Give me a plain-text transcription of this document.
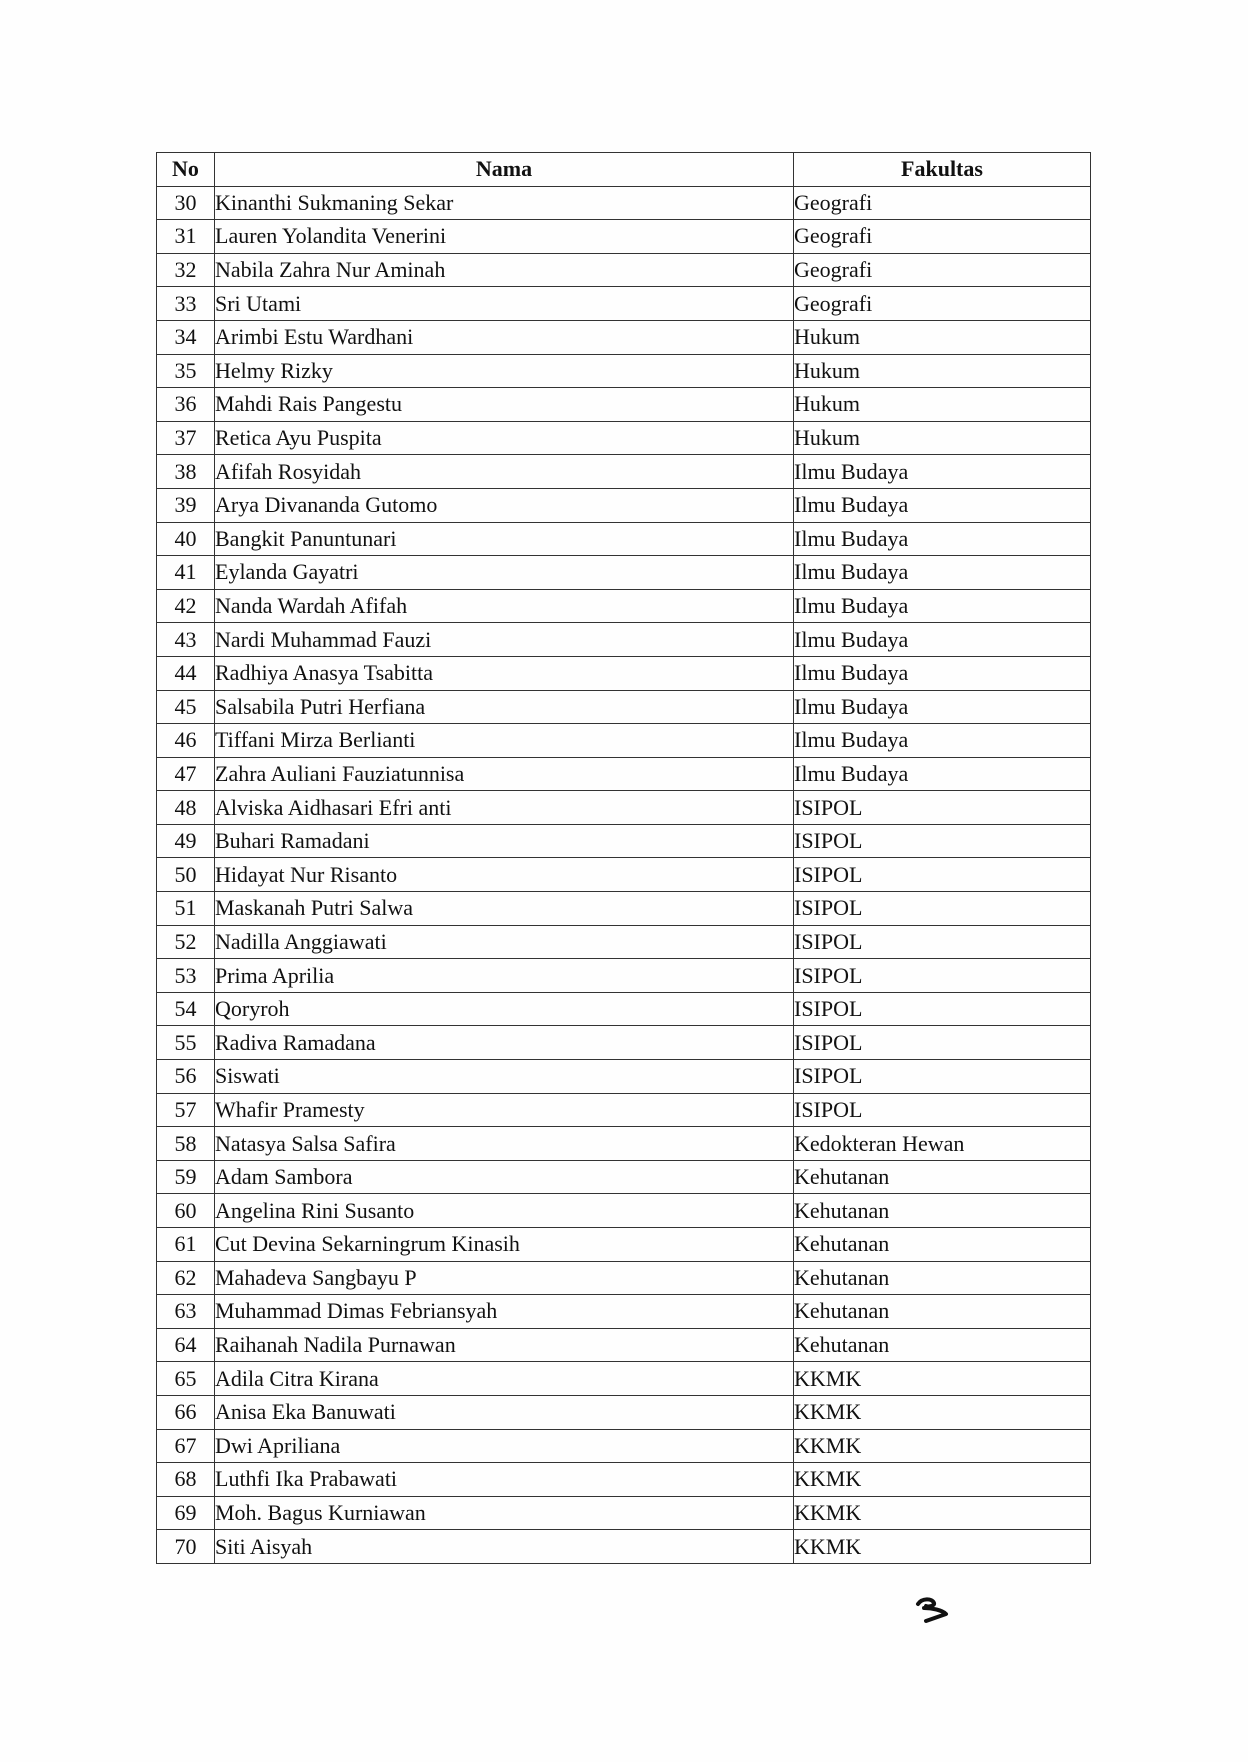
No	Nama	Fakultas
30	Kinanthi Sukmaning Sekar	Geografi
31	Lauren Yolandita Venerini	Geografi
32	Nabila Zahra Nur Aminah	Geografi
33	Sri Utami	Geografi
34	Arimbi Estu Wardhani	Hukum
35	Helmy Rizky	Hukum
36	Mahdi Rais Pangestu	Hukum
37	Retica Ayu Puspita	Hukum
38	Afifah Rosyidah	Ilmu Budaya
39	Arya Divananda Gutomo	Ilmu Budaya
40	Bangkit Panuntunari	Ilmu Budaya
41	Eylanda Gayatri	Ilmu Budaya
42	Nanda Wardah Afifah	Ilmu Budaya
43	Nardi Muhammad Fauzi	Ilmu Budaya
44	Radhiya Anasya Tsabitta	Ilmu Budaya
45	Salsabila Putri Herfiana	Ilmu Budaya
46	Tiffani Mirza Berlianti	Ilmu Budaya
47	Zahra Auliani Fauziatunnisa	Ilmu Budaya
48	Alviska Aidhasari Efri anti	ISIPOL
49	Buhari Ramadani	ISIPOL
50	Hidayat Nur Risanto	ISIPOL
51	Maskanah Putri Salwa	ISIPOL
52	Nadilla Anggiawati	ISIPOL
53	Prima Aprilia	ISIPOL
54	Qoryroh	ISIPOL
55	Radiva Ramadana	ISIPOL
56	Siswati	ISIPOL
57	Whafir Pramesty	ISIPOL
58	Natasya Salsa Safira	Kedokteran Hewan
59	Adam Sambora	Kehutanan
60	Angelina Rini Susanto	Kehutanan
61	Cut Devina Sekarningrum Kinasih	Kehutanan
62	Mahadeva Sangbayu P	Kehutanan
63	Muhammad Dimas Febriansyah	Kehutanan
64	Raihanah Nadila Purnawan	Kehutanan
65	Adila Citra Kirana	KKMK
66	Anisa Eka Banuwati	KKMK
67	Dwi Apriliana	KKMK
68	Luthfi Ika Prabawati	KKMK
69	Moh. Bagus Kurniawan	KKMK
70	Siti Aisyah	KKMK
